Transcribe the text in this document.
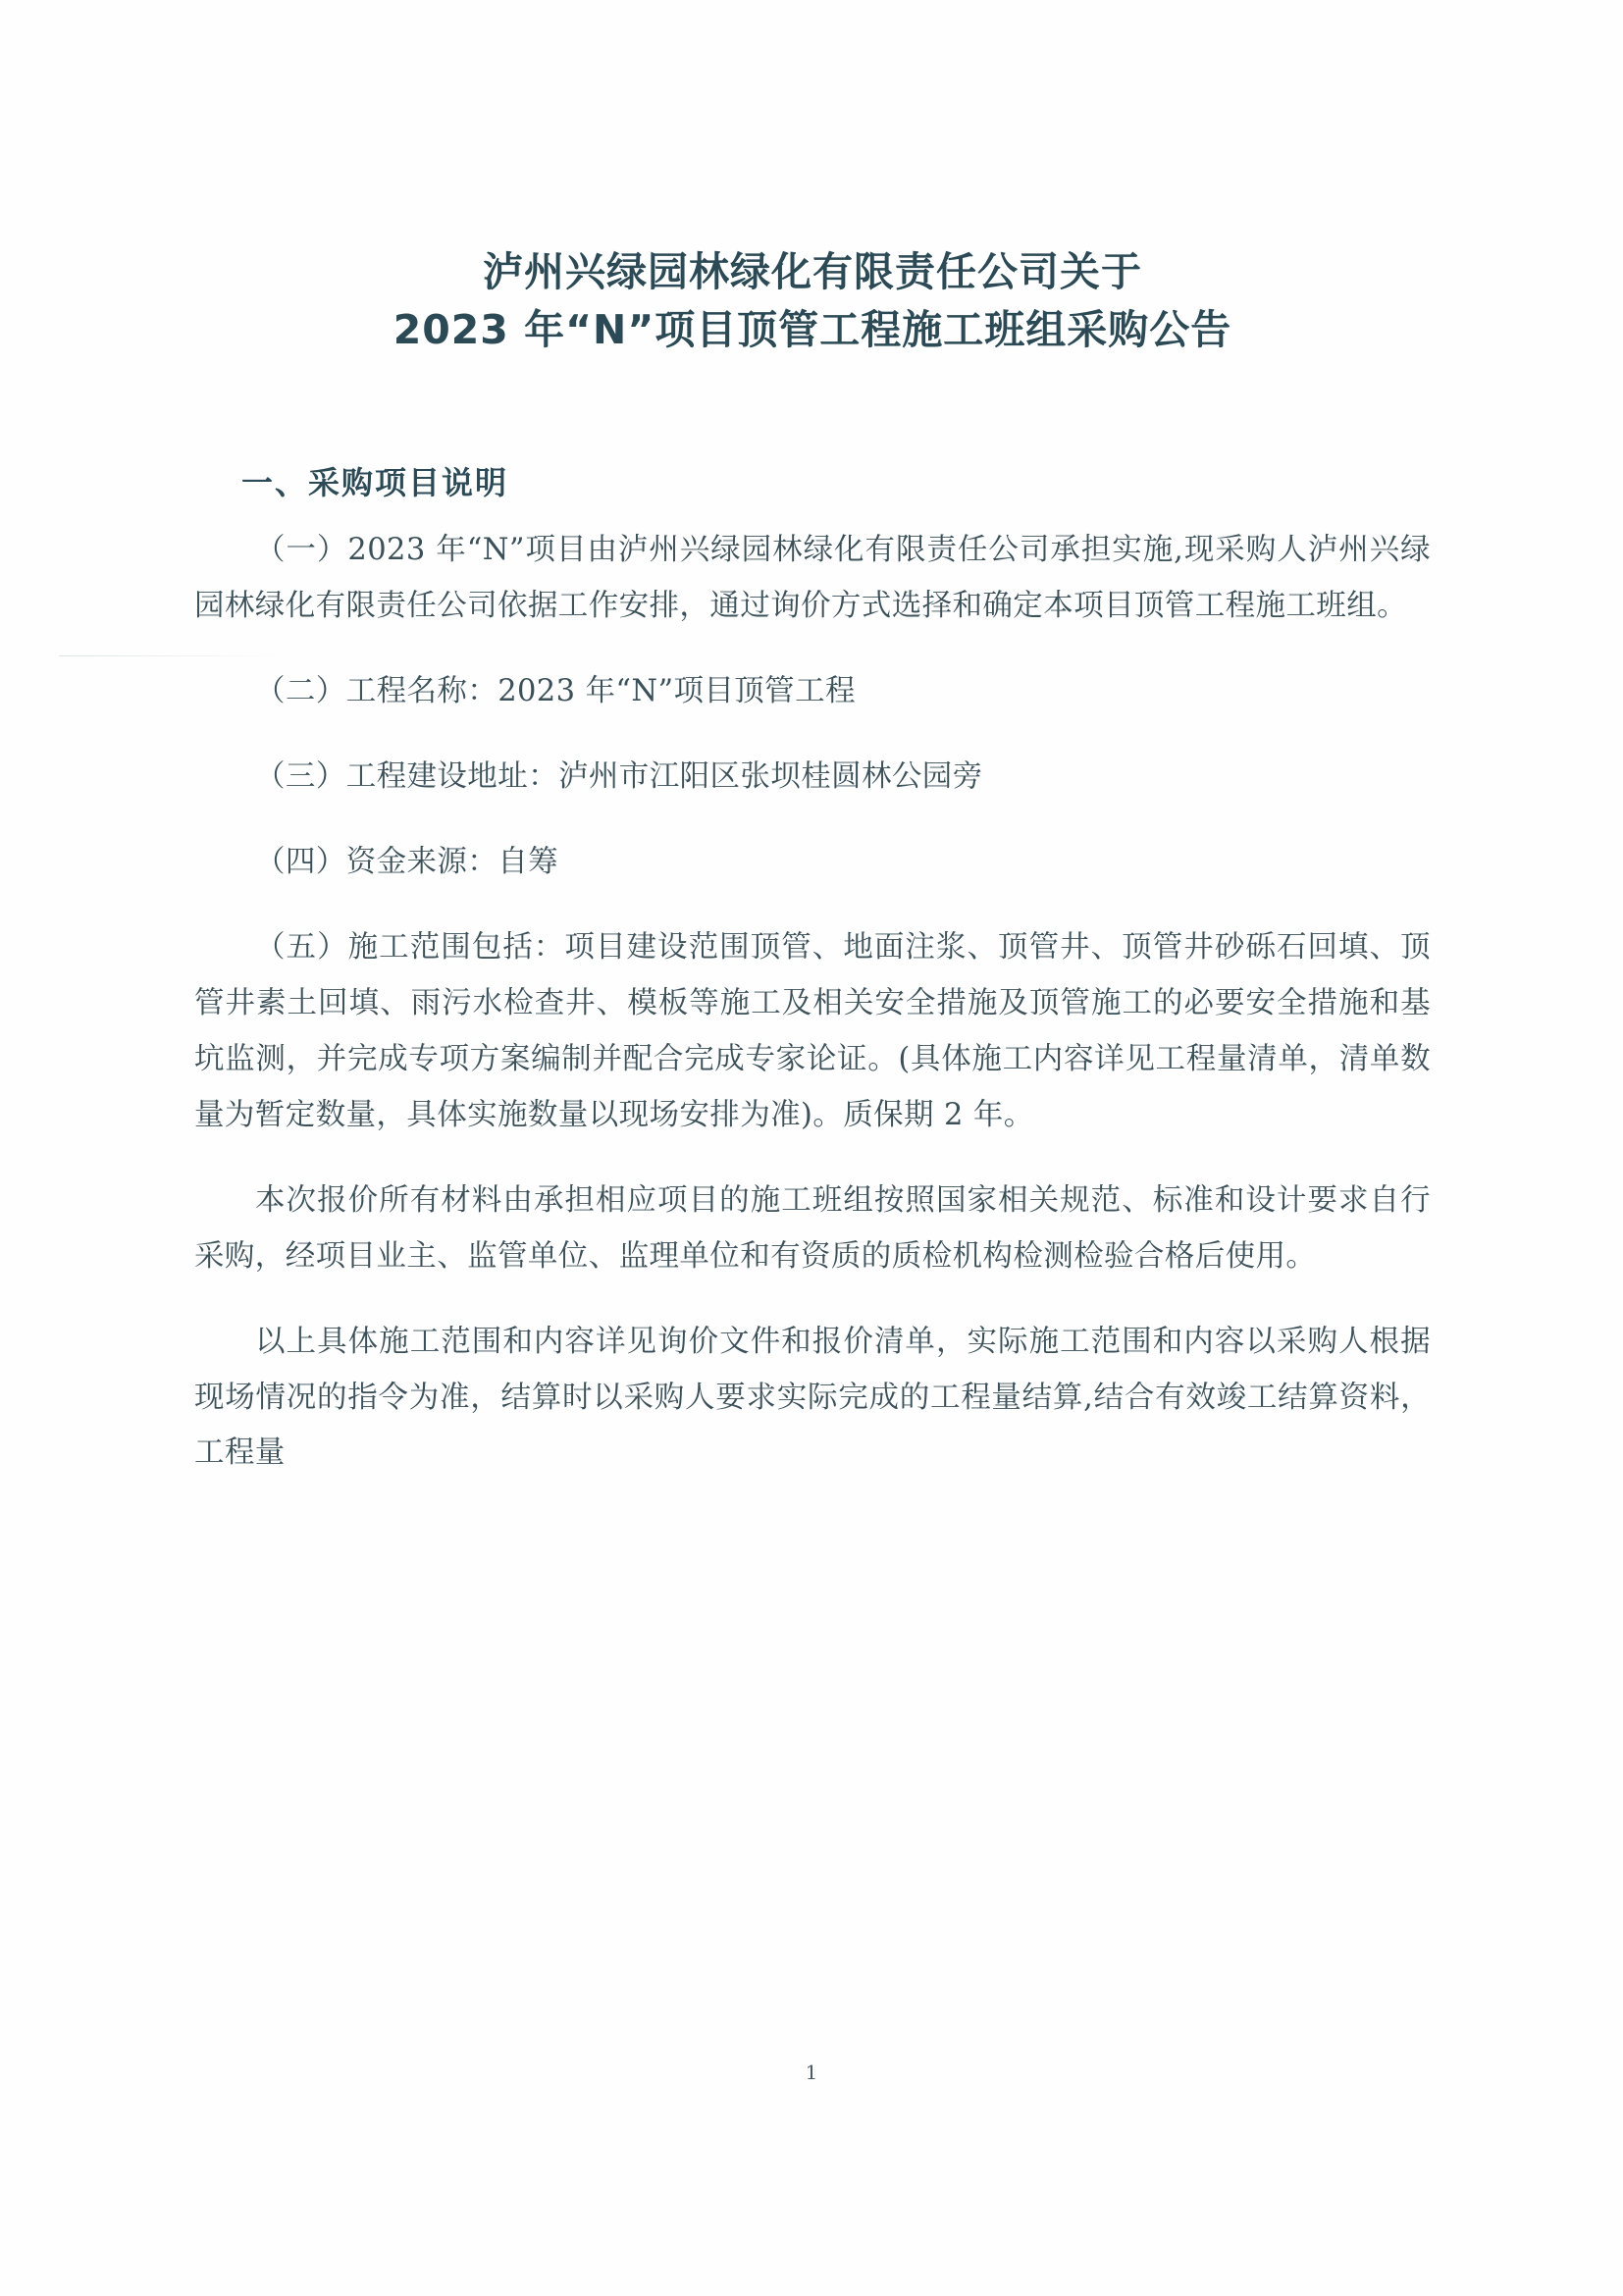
泸州兴绿园林绿化有限责任公司关于
2023 年“N”项目顶管工程施工班组采购公告
一、采购项目说明

（一）2023 年“N”项目由泸州兴绿园林绿化有限责任公司承担实施,现采购人泸州兴绿园林绿化有限责任公司依据工作安排，通过询价方式选择和确定本项目顶管工程施工班组。

（二）工程名称：2023 年“N”项目顶管工程

（三）工程建设地址：泸州市江阳区张坝桂圆林公园旁

（四）资金来源：自筹

（五）施工范围包括：项目建设范围顶管、地面注浆、顶管井、顶管井砂砾石回填、顶管井素土回填、雨污水检查井、模板等施工及相关安全措施及顶管施工的必要安全措施和基坑监测，并完成专项方案编制并配合完成专家论证。(具体施工内容详见工程量清单，清单数量为暂定数量，具体实施数量以现场安排为准)。质保期 2 年。

本次报价所有材料由承担相应项目的施工班组按照国家相关规范、标准和设计要求自行采购，经项目业主、监管单位、监理单位和有资质的质检机构检测检验合格后使用。

以上具体施工范围和内容详见询价文件和报价清单，实际施工范围和内容以采购人根据现场情况的指令为准，结算时以采购人要求实际完成的工程量结算,结合有效竣工结算资料，工程量

1
